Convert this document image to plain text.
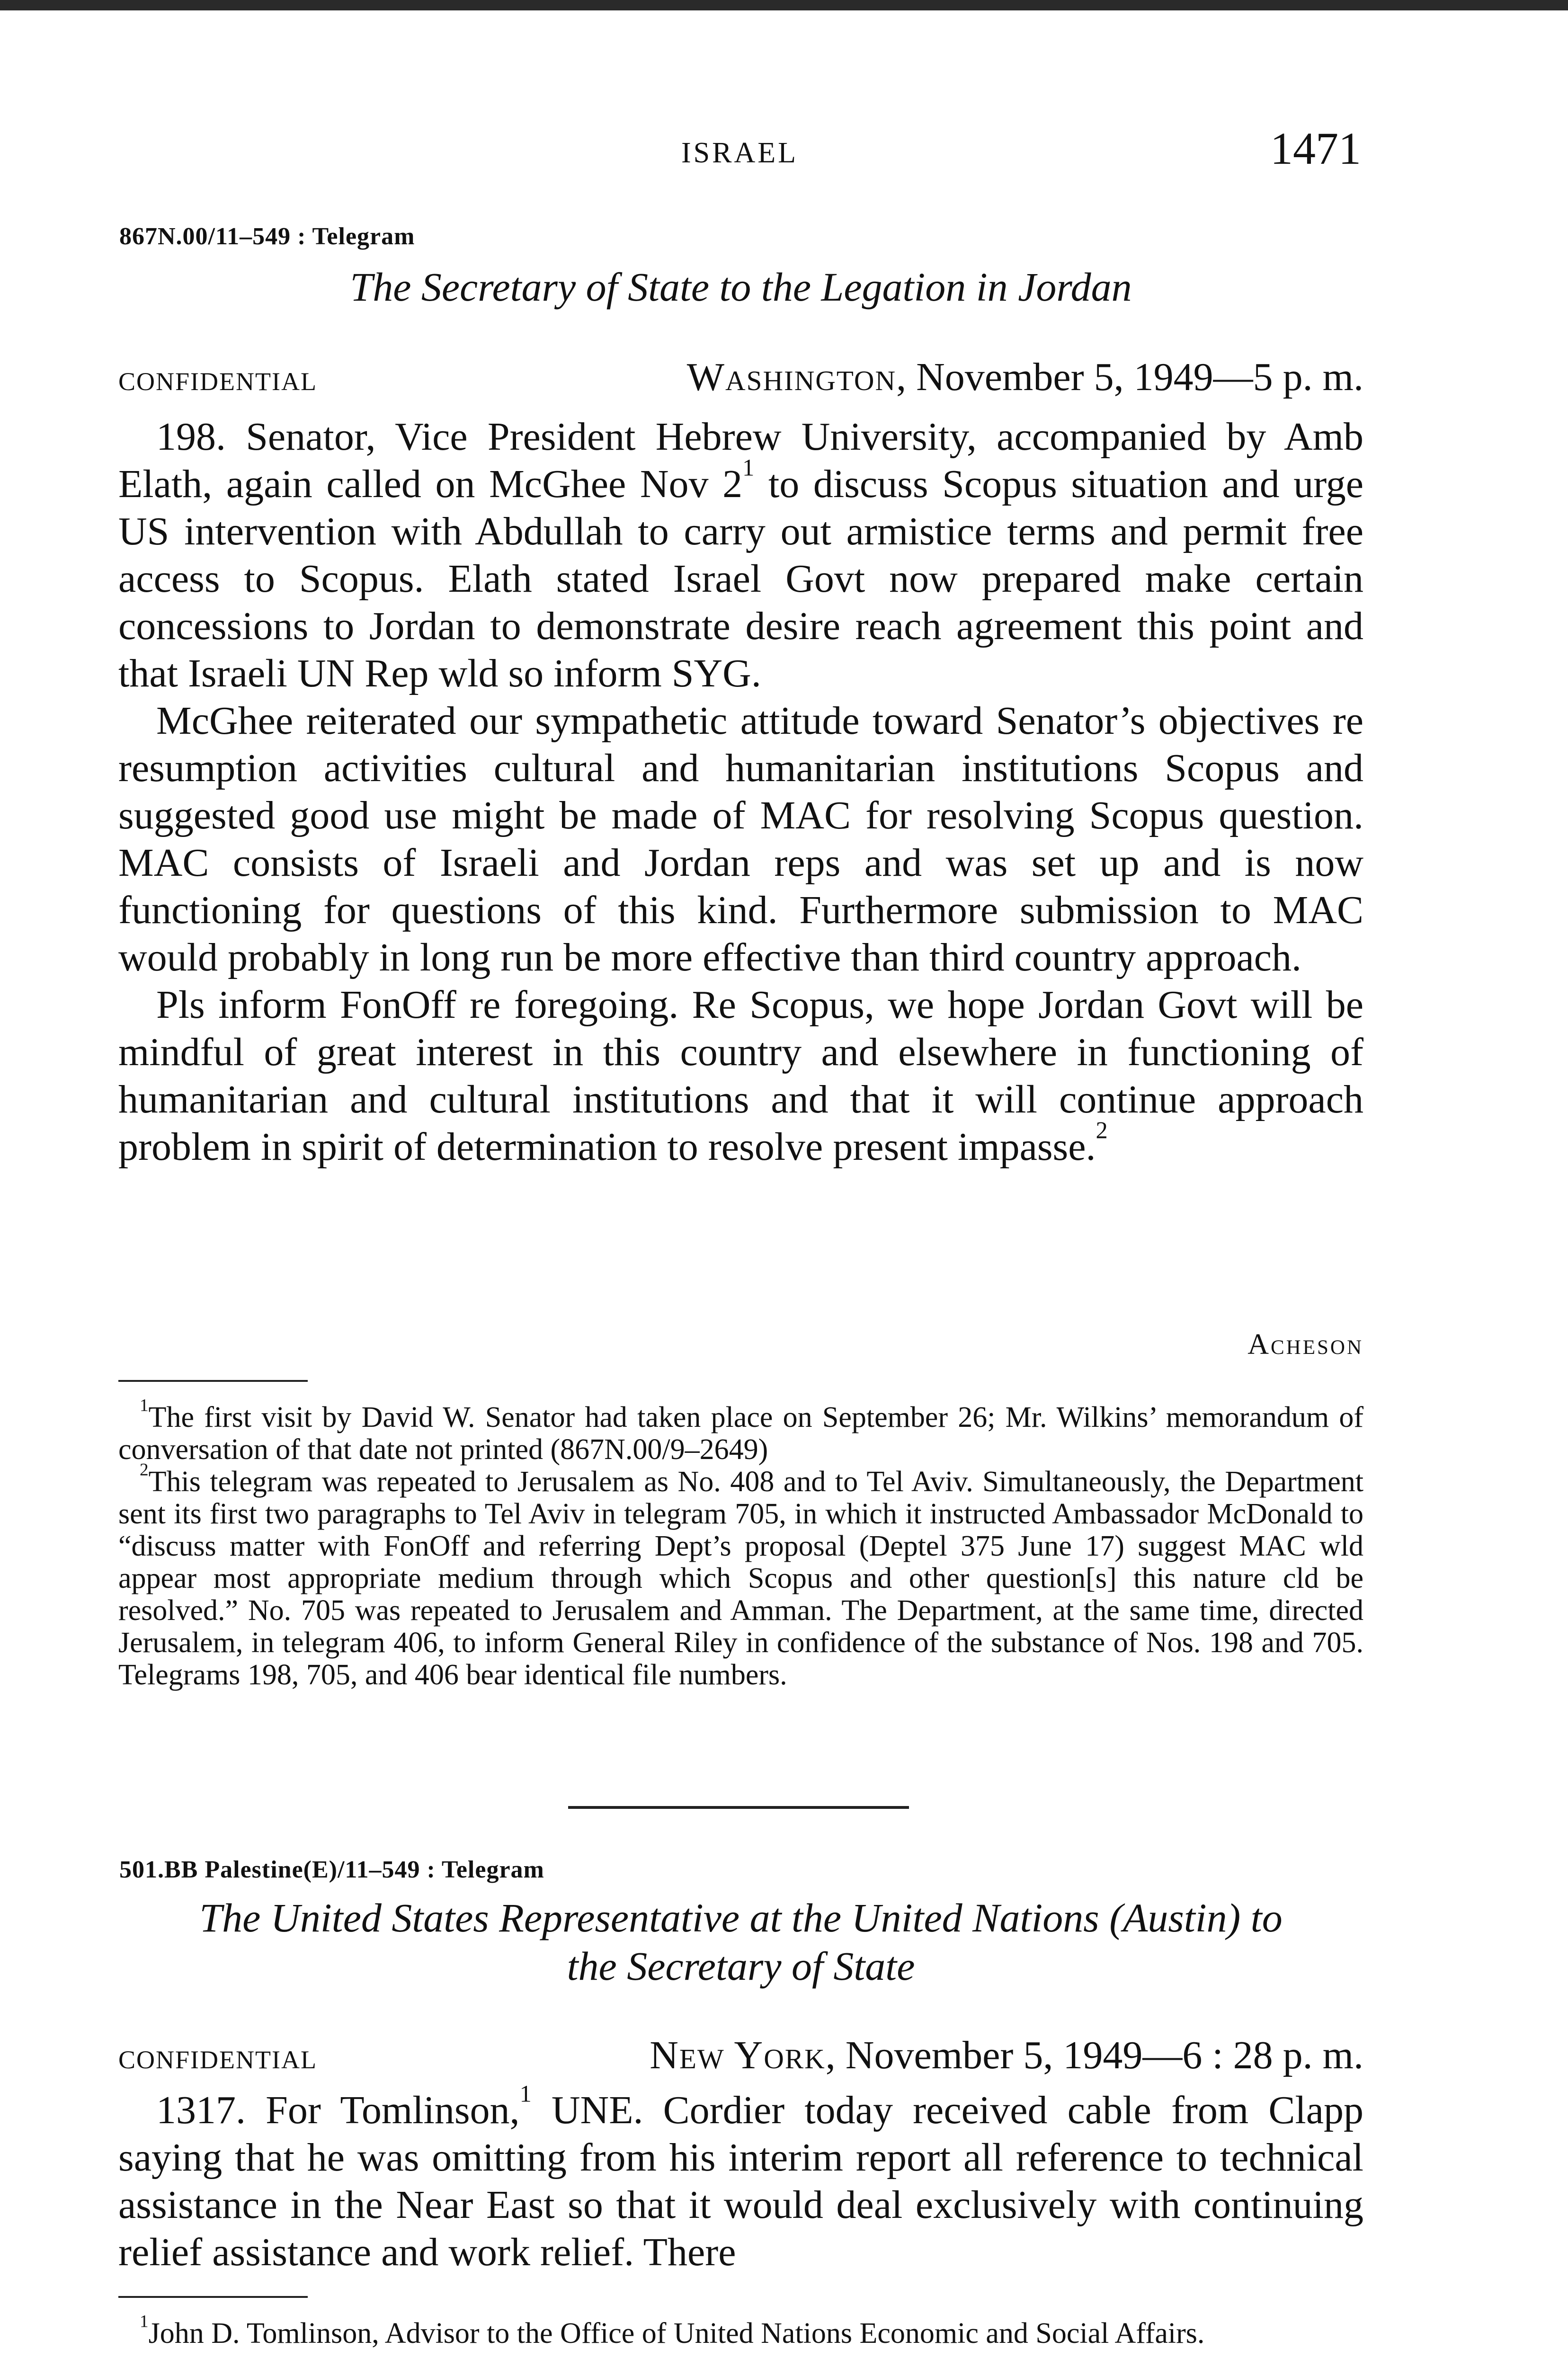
ISRAEL	1471
867N.00/11–549 : Telegram
The Secretary of State to the Legation in Jordan
CONFIDENTIAL	Washington, November 5, 1949—5 p. m.

198. Senator, Vice President Hebrew University, accompanied by Amb Elath, again called on McGhee Nov $2^1$ to discuss Scopus situation and urge US intervention with Abdullah to carry out armistice terms and permit free access to Scopus. Elath stated Israel Govt now prepared make certain concessions to Jordan to demonstrate desire reach agreement this point and that Israeli UN Rep wld so inform SYG.

McGhee reiterated our sympathetic attitude toward Senator’s objectives re resumption activities cultural and humanitarian institutions Scopus and suggested good use might be made of MAC for resolving Scopus question. MAC consists of Israeli and Jordan reps and was set up and is now functioning for questions of this kind. Furthermore submission to MAC would probably in long run be more effective than third country approach.

Pls inform FonOff re foregoing. Re Scopus, we hope Jordan Govt will be mindful of great interest in this country and elsewhere in functioning of humanitarian and cultural institutions and that it will continue approach problem in spirit of determination to resolve present impasse.$^2$

Acheson

$^1$The first visit by David W. Senator had taken place on September 26; Mr. Wilkins’ memorandum of conversation of that date not printed (867N.00/9–2649)

$^2$This telegram was repeated to Jerusalem as No. 408 and to Tel Aviv. Simultaneously, the Department sent its first two paragraphs to Tel Aviv in telegram 705, in which it instructed Ambassador McDonald to “discuss matter with FonOff and referring Dept’s proposal (Deptel 375 June 17) suggest MAC wld appear most appropriate medium through which Scopus and other question[s] this nature cld be resolved.” No. 705 was repeated to Jerusalem and Amman. The Department, at the same time, directed Jerusalem, in telegram 406, to inform General Riley in confidence of the substance of Nos. 198 and 705. Telegrams 198, 705, and 406 bear identical file numbers.

501.BB Palestine(E)/11–549 : Telegram
The United States Representative at the United Nations (Austin) to
the Secretary of State
CONFIDENTIAL	New York, November 5, 1949—6 : 28 p. m.

1317. For Tomlinson,$^1$ UNE. Cordier today received cable from Clapp saying that he was omitting from his interim report all reference to technical assistance in the Near East so that it would deal exclusively with continuing relief assistance and work relief. There

$^1$John D. Tomlinson, Advisor to the Office of United Nations Economic and Social Affairs.
